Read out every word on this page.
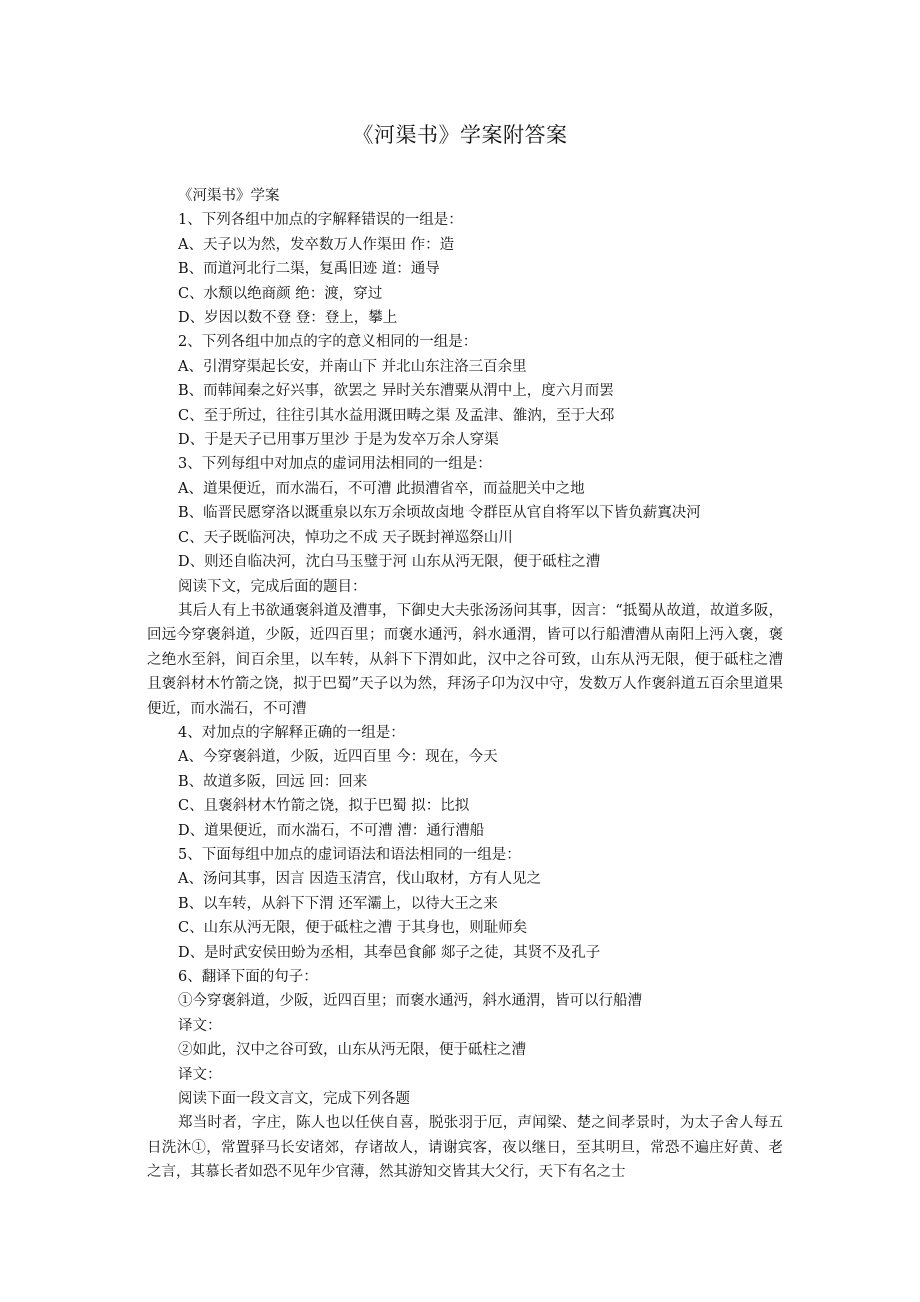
《河渠书》学案附答案
《河渠书》学案
1、下列各组中加点的字解释错误的一组是：
A、天子以为然，发卒数万人作渠田 作：造
B、而道河北行二渠，复禹旧迹 道：通导
C、水颓以绝商颜 绝：渡，穿过
D、岁因以数不登 登：登上，攀上
2、下列各组中加点的字的意义相同的一组是：
A、引渭穿渠起长安，并南山下 并北山东注洛三百余里
B、而韩闻秦之好兴事，欲罢之 异时关东漕粟从渭中上，度六月而罢
C、至于所过，往往引其水益用溉田畴之渠 及孟津、雒汭，至于大邳
D、于是天子已用事万里沙 于是为发卒万余人穿渠
3、下列每组中对加点的虚词用法相同的一组是：
A、道果便近，而水湍石，不可漕 此损漕省卒，而益肥关中之地
B、临晋民愿穿洛以溉重泉以东万余顷故卤地 令群臣从官自将军以下皆负薪窴决河
C、天子既临河决，悼功之不成 天子既封禅巡祭山川
D、则还自临决河，沈白马玉璧于河 山东从沔无限，便于砥柱之漕
阅读下文，完成后面的题目：
其后人有上书欲通褒斜道及漕事，下御史大夫张汤汤问其事，因言：“抵蜀从故道，故道多阪，回远今穿褒斜道，少阪，近四百里；而褒水通沔，斜水通渭，皆可以行船漕漕从南阳上沔入褒，褒之绝水至斜，间百余里，以车转，从斜下下渭如此，汉中之谷可致，山东从沔无限，便于砥柱之漕且褒斜材木竹箭之饶，拟于巴蜀”天子以为然，拜汤子卬为汉中守，发数万人作褒斜道五百余里道果便近，而水湍石，不可漕
4、对加点的字解释正确的一组是：
A、今穿褒斜道，少阪，近四百里 今：现在，今天
B、故道多阪，回远 回：回来
C、且褒斜材木竹箭之饶，拟于巴蜀 拟：比拟
D、道果便近，而水湍石，不可漕 漕：通行漕船
5、下面每组中加点的虚词语法和语法相同的一组是：
A、汤问其事，因言 因造玉清宫，伐山取材，方有人见之
B、以车转，从斜下下渭 还军灞上，以待大王之来
C、山东从沔无限，便于砥柱之漕 于其身也，则耻师矣
D、是时武安侯田蚡为丞相，其奉邑食鄃 郯子之徒，其贤不及孔子
6、翻译下面的句子：
①今穿褒斜道，少阪，近四百里；而褒水通沔，斜水通渭，皆可以行船漕
译文：
②如此，汉中之谷可致，山东从沔无限，便于砥柱之漕
译文：
阅读下面一段文言文，完成下列各题
郑当时者，字庄，陈人也以任侠自喜，脱张羽于厄，声闻梁、楚之间孝景时，为太子舍人每五日洗沐①，常置驿马长安诸郊，存诸故人，请谢宾客，夜以继日，至其明旦，常恐不遍庄好黄、老之言，其慕长者如恐不见年少官薄，然其游知交皆其大父行，天下有名之士
